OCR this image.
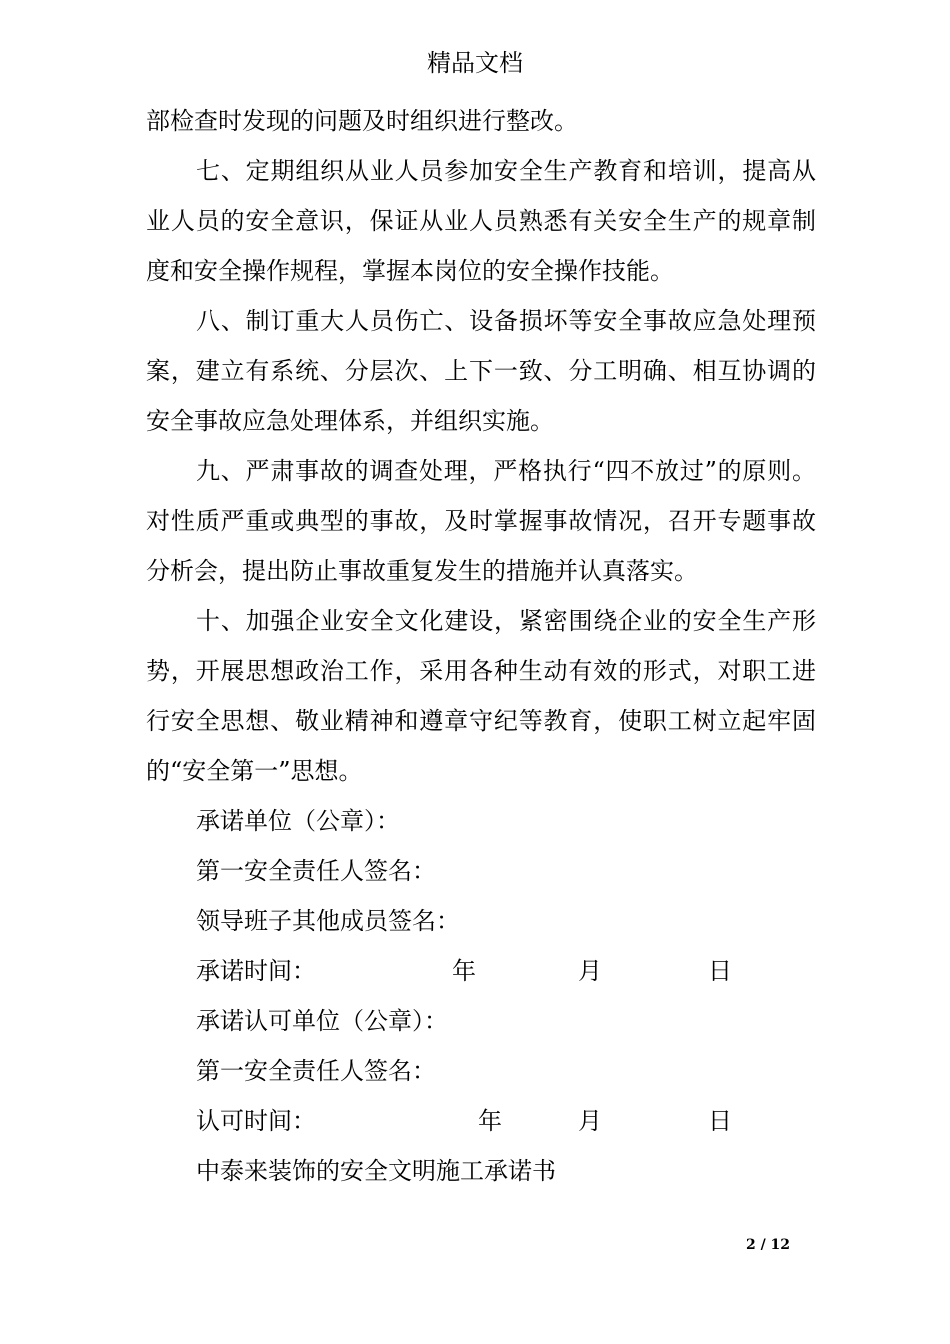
精品文档

部检查时发现的问题及时组织进行整改。

七、定期组织从业人员参加安全生产教育和培训，提高从业人员的安全意识，保证从业人员熟悉有关安全生产的规章制度和安全操作规程，掌握本岗位的安全操作技能。

八、制订重大人员伤亡、设备损坏等安全事故应急处理预案，建立有系统、分层次、上下一致、分工明确、相互协调的安全事故应急处理体系，并组织实施。

九、严肃事故的调查处理，严格执行“四不放过”的原则。对性质严重或典型的事故，及时掌握事故情况，召开专题事故分析会，提出防止事故重复发生的措施并认真落实。

十、加强企业安全文化建设，紧密围绕企业的安全生产形势，开展思想政治工作，采用各种生动有效的形式，对职工进行安全思想、敬业精神和遵章守纪等教育，使职工树立起牢固的“安全第一”思想。

承诺单位（公章）：
第一安全责任人签名：
领导班子其他成员签名：
承诺时间：	年	月	日
承诺认可单位（公章）：
第一安全责任人签名：
认可时间：	年	月	日
中泰来装饰的安全文明施工承诺书
2 / 12
